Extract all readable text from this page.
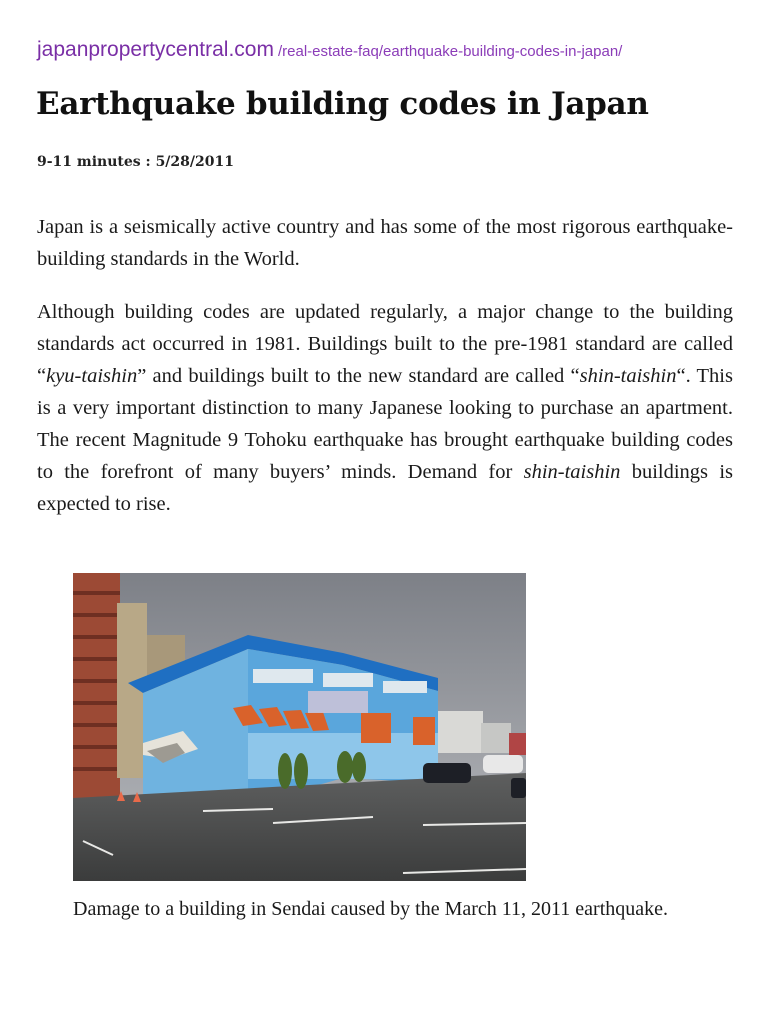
japanpropertycentral.com /real-estate-faq/earthquake-building-codes-in-japan/
Earthquake building codes in Japan
9-11 minutes : 5/28/2011

Japan is a seismically active country and has some of the most rigorous earthquake-building standards in the World.

Although building codes are updated regularly, a major change to the building standards act occurred in 1981. Buildings built to the pre-1981 standard are called “kyu-taishin” and buildings built to the new standard are called “shin-taishin“. This is a very important distinction to many Japanese looking to purchase an apartment. The recent Magnitude 9 Tohoku earthquake has brought earthquake building codes to the forefront of many buyers’ minds. Demand for shin-taishin buildings is expected to rise.

Damage to a building in Sendai caused by the March 11, 2011 earthquake.
